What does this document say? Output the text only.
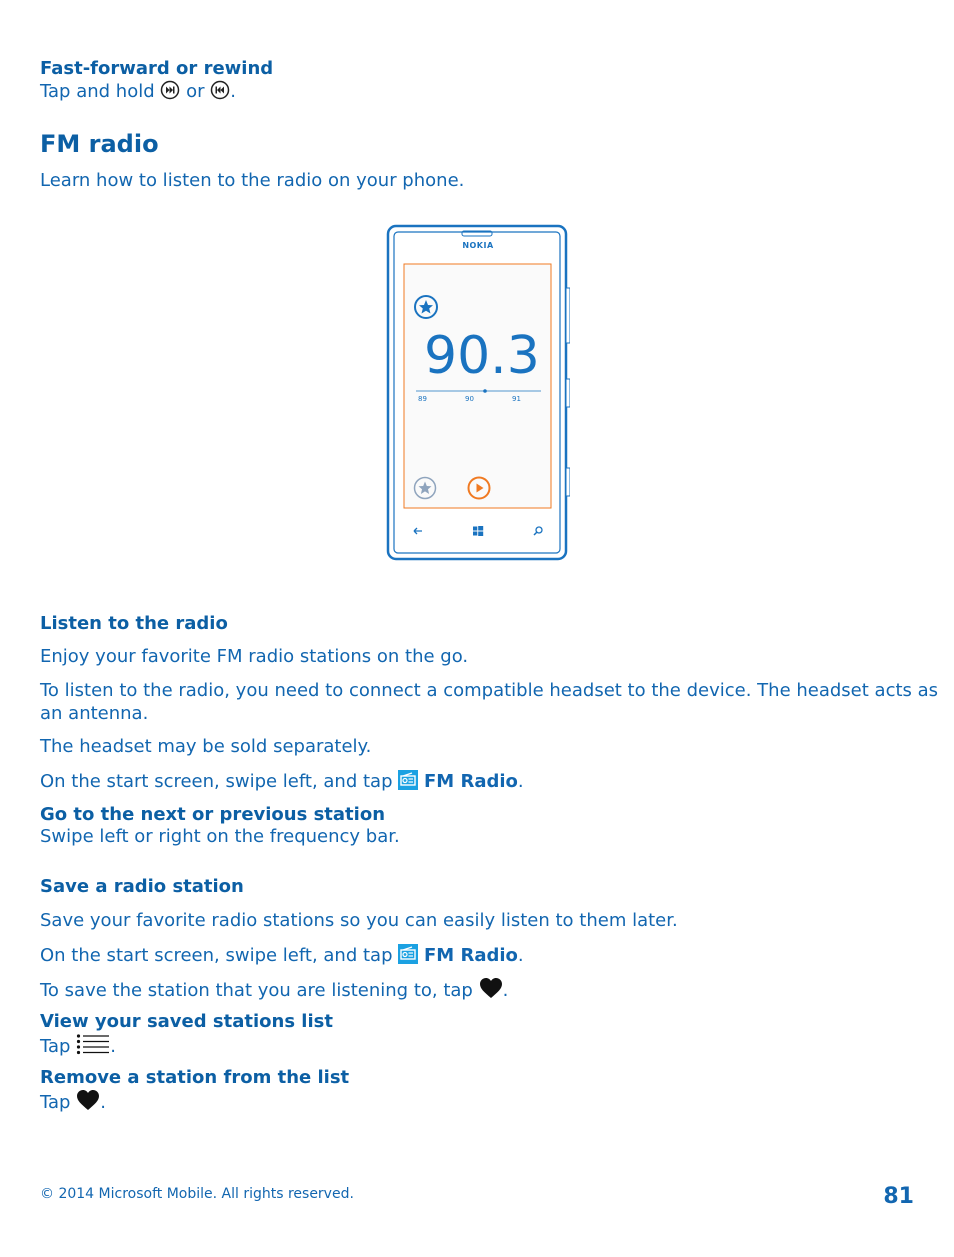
Fast-forward or rewind
Tap and hold or .
FM radio
Learn how to listen to the radio on your phone.
NOKIA
90.3
89	90	91
Listen to the radio
Enjoy your favorite FM radio stations on the go.
To listen to the radio, you need to connect a compatible headset to the device. The headset acts as
an antenna.
The headset may be sold separately.
On the start screen, swipe left, and tap FM Radio.
Go to the next or previous station
Swipe left or right on the frequency bar.
Save a radio station
Save your favorite radio stations so you can easily listen to them later.
On the start screen, swipe left, and tap FM Radio.
To save the station that you are listening to, tap .
View your saved stations list
Tap .
Remove a station from the list
Tap .
© 2014 Microsoft Mobile. All rights reserved.	81
